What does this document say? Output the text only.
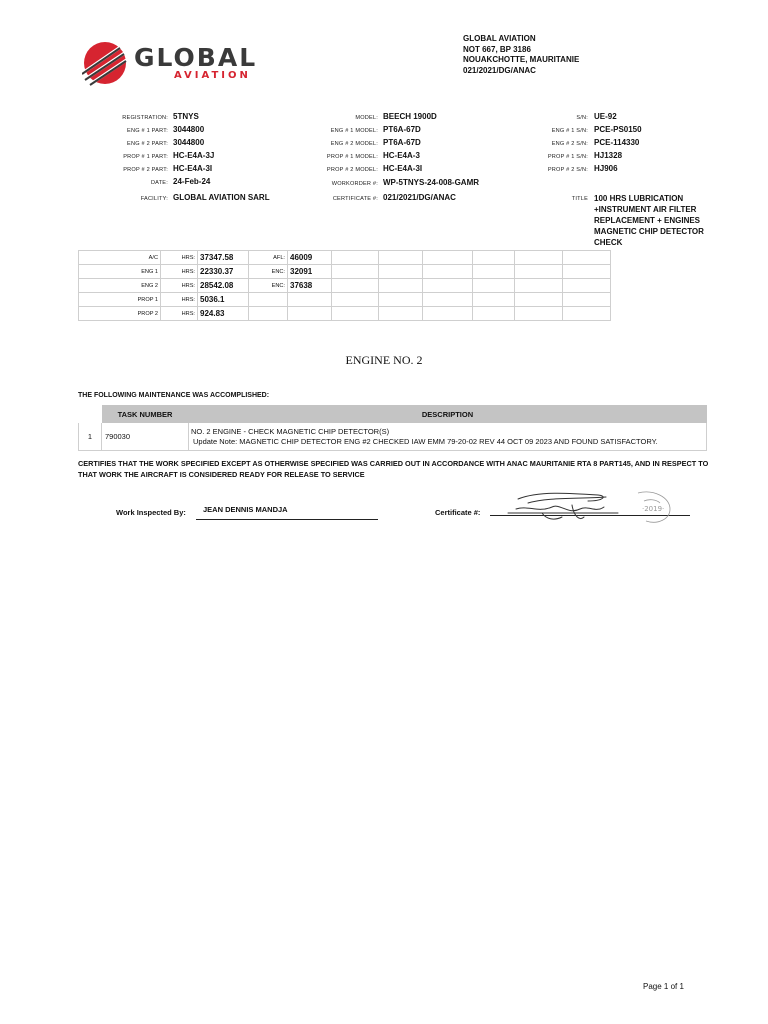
GLOBAL
AVIATION
GLOBAL AVIATION
NOT 667, BP 3186
NOUAKCHOTTE, MAURITANIE
021/2021/DG/ANAC
REGISTRATION: 5TNYS
ENG # 1 PART: 3044800
ENG # 2 PART: 3044800
PROP # 1 PART: HC-E4A-3J
PROP # 2 PART: HC-E4A-3I
DATE: 24-Feb-24
FACILITY: GLOBAL AVIATION SARL
MODEL: BEECH 1900D
ENG # 1 MODEL: PT6A-67D
ENG # 2 MODEL: PT6A-67D
PROP # 1 MODEL: HC-E4A-3
PROP # 2 MODEL: HC-E4A-3I
WORKORDER #: WP-5TNYS-24-008-GAMR
CERTIFICATE #: 021/2021/DG/ANAC
S/N: UE-92
ENG # 1 S/N: PCE-PS0150
ENG # 2 S/N: PCE-114330
PROP # 1 S/N: HJ1328
PROP # 2 S/N: HJ906
TITLE 100 HRS LUBRICATION
+INSTRUMENT AIR FILTER
REPLACEMENT + ENGINES
MAGNETIC CHIP DETECTOR
CHECK
A/C	HRS:	37347.58	AFL:	46009						
ENG 1	HRS:	22330.37	ENC:	32091						
ENG 2	HRS:	28542.08	ENC:	37638						
PROP 1	HRS:	5036.1								
PROP 2	HRS:	924.83								
ENGINE NO. 2
THE FOLLOWING MAINTENANCE WAS ACCOMPLISHED:
	TASK NUMBER	DESCRIPTION
1	790030	NO. 2 ENGINE - CHECK MAGNETIC CHIP DETECTOR(S)
Update Note: MAGNETIC CHIP DETECTOR ENG #2 CHECKED IAW EMM 79-20-02 REV 44 OCT 09 2023 AND FOUND SATISFACTORY.
CERTIFIES THAT THE WORK SPECIFIED EXCEPT AS OTHERWISE SPECIFIED WAS CARRIED OUT IN ACCORDANCE WITH ANAC MAURITANIE RTA 8 PART145, AND IN RESPECT TO THAT WORK THE AIRCRAFT IS CONSIDERED READY FOR RELEASE TO SERVICE
Work Inspected By: JEAN DENNIS MANDJA	Certificate #:	·2019·
Page 1 of 1
